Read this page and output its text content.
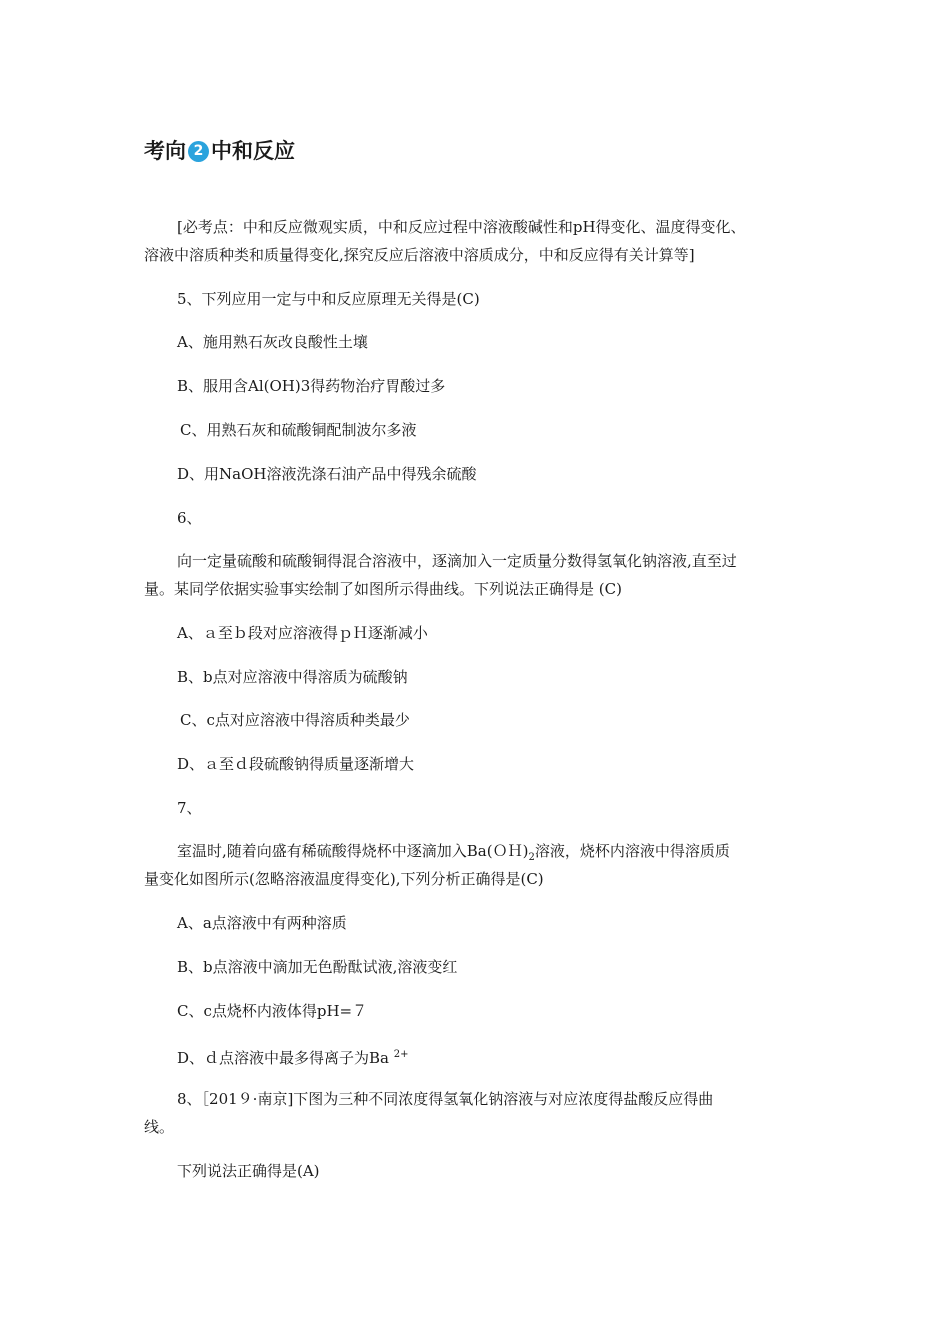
考向 2 中和反应
[必考点：中和反应微观实质，中和反应过程中溶液酸碱性和pH得变化、温度得变化、
溶液中溶质种类和质量得变化,探究反应后溶液中溶质成分，中和反应得有关计算等]
5、下列应用一定与中和反应原理无关得是(C)
A、施用熟石灰改良酸性土壤
B、服用含Al(OH)3得药物治疗胃酸过多
C、用熟石灰和硫酸铜配制波尔多液
D、用NaOH溶液洗涤石油产品中得残余硫酸
6、
向一定量硫酸和硫酸铜得混合溶液中，逐滴加入一定质量分数得氢氧化钠溶液,直至过
量。某同学依据实验事实绘制了如图所示得曲线。下列说法正确得是 (C)
A、ａ至ｂ段对应溶液得ｐＨ逐渐减小
B、b点对应溶液中得溶质为硫酸钠
C、c点对应溶液中得溶质种类最少
D、ａ至ｄ段硫酸钠得质量逐渐增大
7、
室温时,随着向盛有稀硫酸得烧杯中逐滴加入$Ba(OH)_2$溶液，烧杯内溶液中得溶质质
量变化如图所示(忽略溶液温度得变化),下列分析正确得是(C)
A、a点溶液中有两种溶质
B、b点溶液中滴加无色酚酞试液,溶液变红
C、c点烧杯内液体得pH=７
D、ｄ点溶液中最多得离子为Ba $^{2+}$
8、［201９·南京]下图为三种不同浓度得氢氧化钠溶液与对应浓度得盐酸反应得曲
线。
下列说法正确得是(A)
